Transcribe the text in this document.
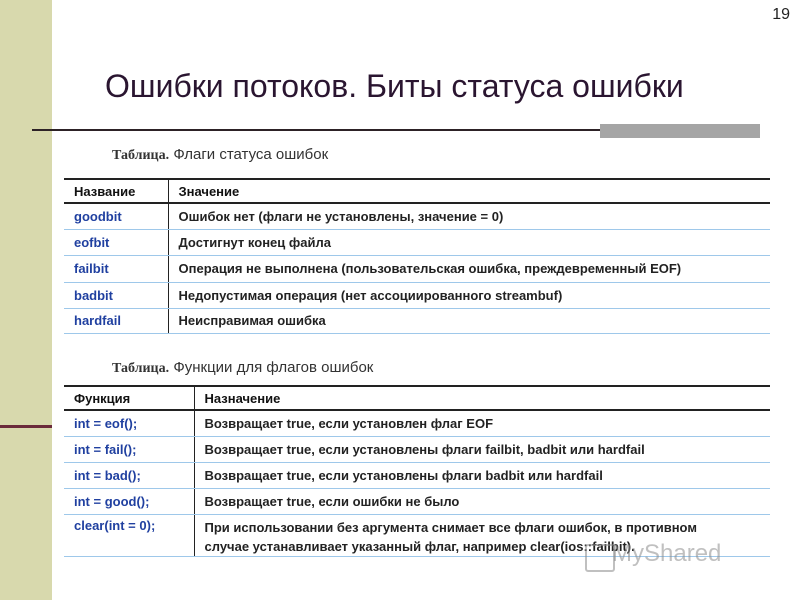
19
Ошибки потоков. Биты статуса ошибки
Таблица. Флаги статуса ошибок
Название	Значение
goodbit	Ошибок нет (флаги не установлены, значение = 0)
eofbit	Достигнут конец файла
failbit	Операция не выполнена (пользовательская ошибка, преждевременный EOF)
badbit	Недопустимая операция (нет ассоциированного streambuf)
hardfail	Неисправимая ошибка
Таблица. Функции для флагов ошибок
Функция	Назначение
int = eof();	Возвращает true, если установлен флаг EOF
int = fail();	Возвращает true, если установлены флаги failbit, badbit или hardfail
int = bad();	Возвращает true, если установлены флаги badbit или hardfail
int = good();	Возвращает true, если ошибки не было
clear(int = 0);	При использовании без аргумента снимает все флаги ошибок, в противном
случае устанавливает указанный флаг, например clear(ios::failbit).
MyShared
